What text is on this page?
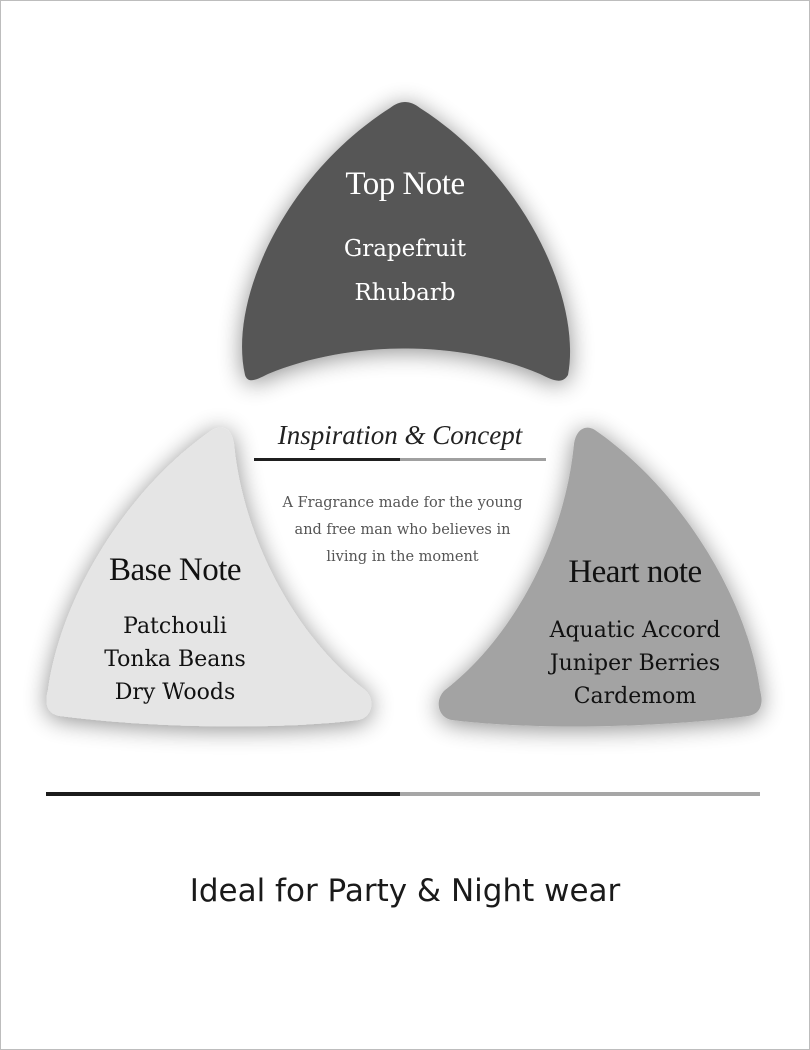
Top Note
Grapefruit
Rhubarb
Base Note
Patchouli
Tonka Beans
Dry Woods
Heart note
Aquatic Accord
Juniper Berries
Cardemom
Inspiration & Concept
A Fragrance made for the young
and free man who believes in
living in the moment
Ideal for Party & Night wear
